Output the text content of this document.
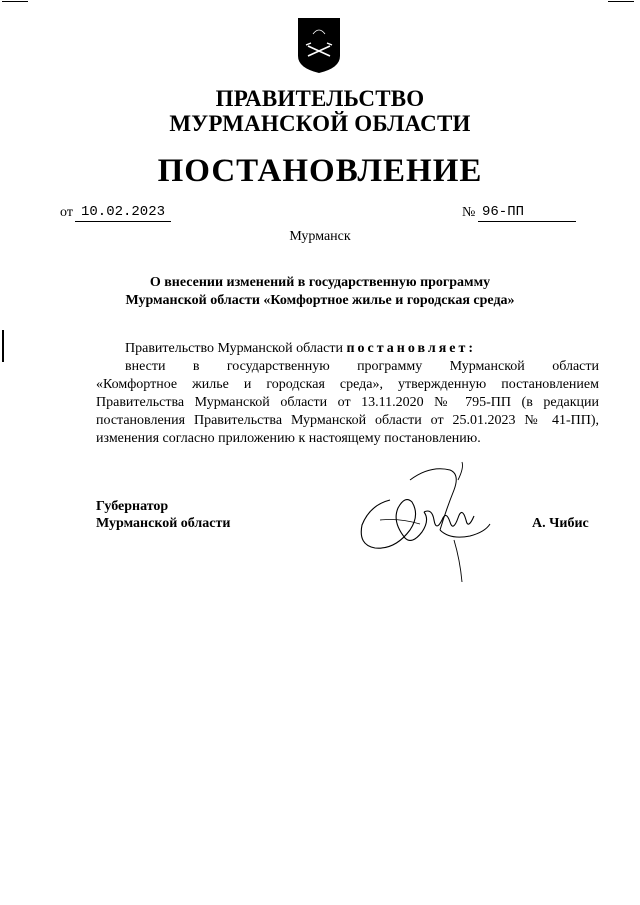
ПРАВИТЕЛЬСТВО
МУРМАНСКОЙ ОБЛАСТИ
ПОСТАНОВЛЕНИЕ
от 10.02.2023	№ 96-ПП
Мурманск
О внесении изменений в государственную программу
Мурманской области «Комфортное жилье и городская среда»
Правительство Мурманской области постановляет:
внести в государственную программу Мурманской области
«Комфортное жилье и городская среда», утвержденную постановлением
Правительства Мурманской области от 13.11.2020 № 795-ПП (в редакции
постановления Правительства Мурманской области от 25.01.2023 № 41-ПП),
изменения согласно приложению к настоящему постановлению.
Губернатор
Мурманской области	А. Чибис
